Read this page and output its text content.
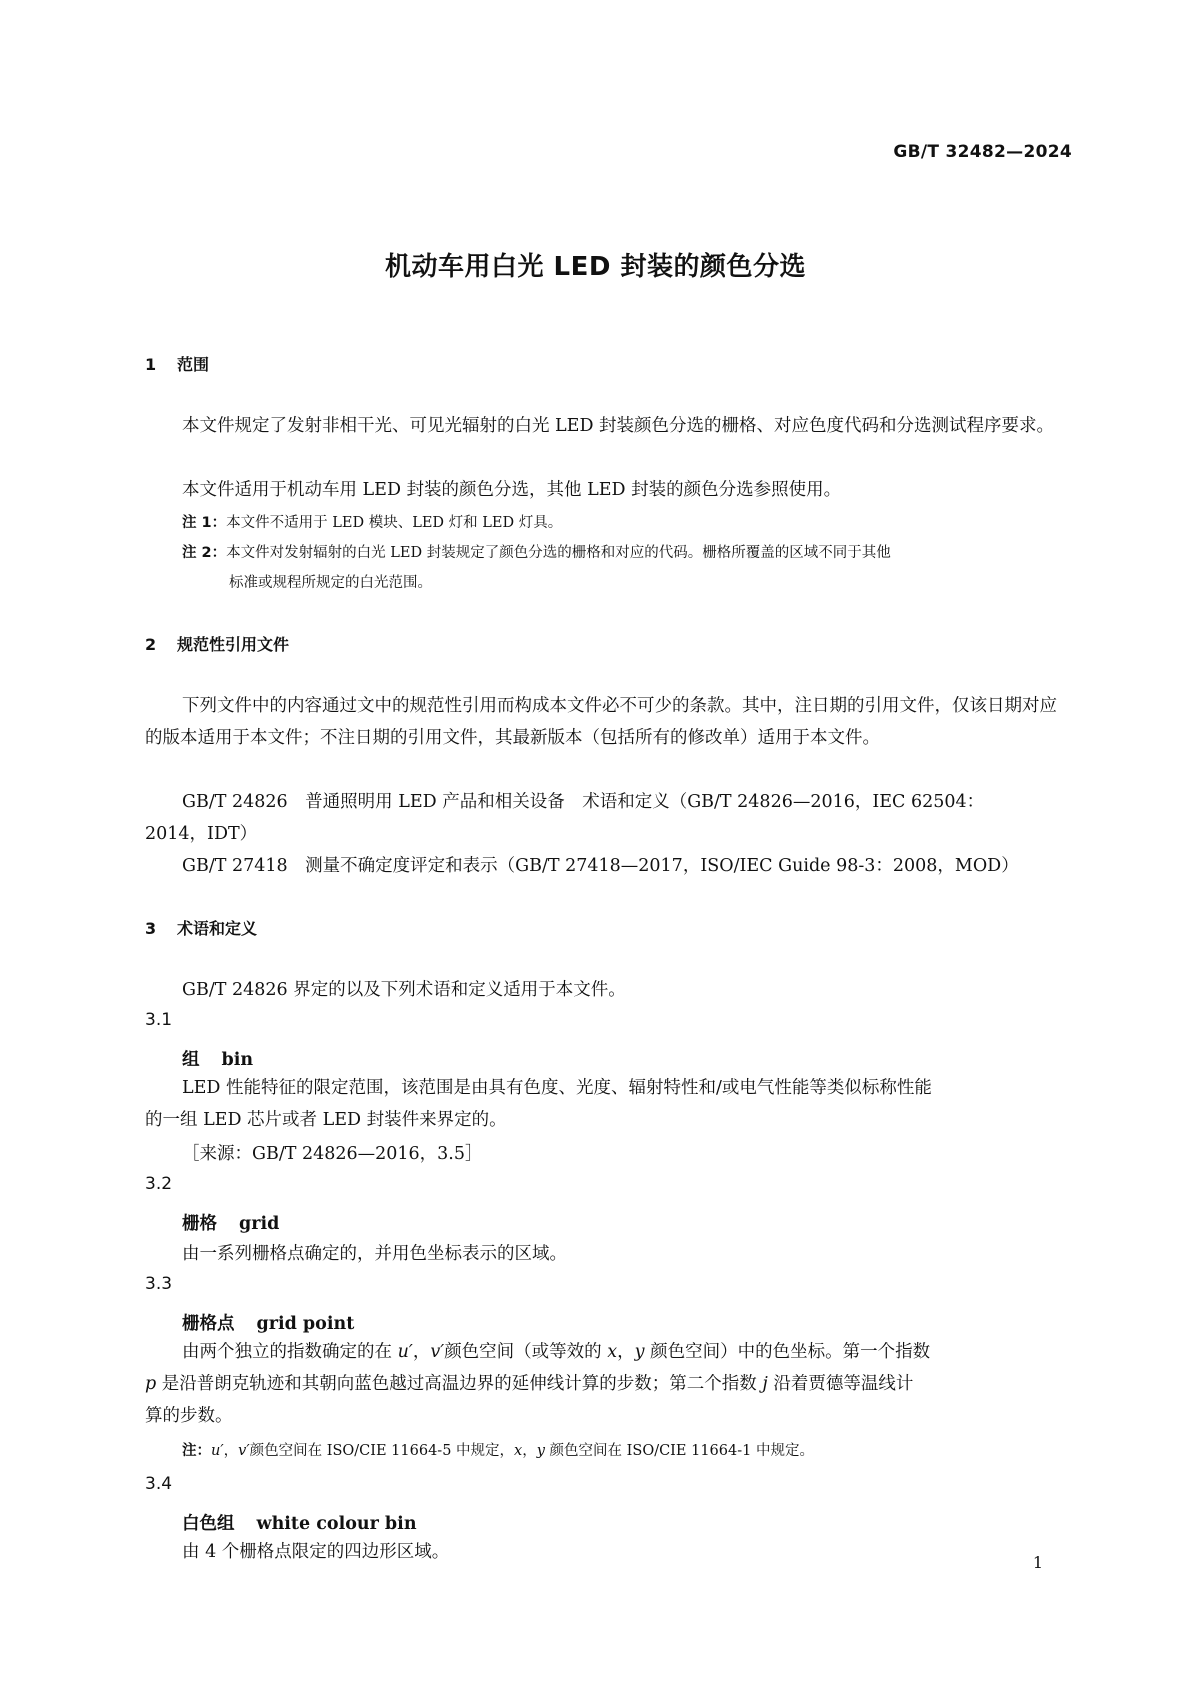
GB/T 32482—2024
机动车用白光 LED 封装的颜色分选
1 范围
本文件规定了发射非相干光、可见光辐射的白光 LED 封装颜色分选的栅格、对应色度代码和分选测试程序要求。
本文件适用于机动车用 LED 封装的颜色分选，其他 LED 封装的颜色分选参照使用。
注 1：本文件不适用于 LED 模块、LED 灯和 LED 灯具。
注 2：本文件对发射辐射的白光 LED 封装规定了颜色分选的栅格和对应的代码。栅格所覆盖的区域不同于其他
标准或规程所规定的白光范围。
2 规范性引用文件
下列文件中的内容通过文中的规范性引用而构成本文件必不可少的条款。其中，注日期的引用文件，仅该日期对应的版本适用于本文件；不注日期的引用文件，其最新版本（包括所有的修改单）适用于本文件。
GB/T 24826　普通照明用 LED 产品和相关设备　术语和定义（GB/T 24826—2016，IEC 62504：
2014，IDT）
GB/T 27418　测量不确定度评定和表示（GB/T 27418—2017，ISO/IEC Guide 98-3：2008，MOD）
3 术语和定义
GB/T 24826 界定的以及下列术语和定义适用于本文件。
3.1
组 bin
LED 性能特征的限定范围，该范围是由具有色度、光度、辐射特性和/或电气性能等类似标称性能
的一组 LED 芯片或者 LED 封装件来界定的。
［来源：GB/T 24826—2016，3.5］
3.2
栅格 grid
由一系列栅格点确定的，并用色坐标表示的区域。
3.3
栅格点 grid point
由两个独立的指数确定的在 u′，v′颜色空间（或等效的 x，y 颜色空间）中的色坐标。第一个指数
p 是沿普朗克轨迹和其朝向蓝色越过高温边界的延伸线计算的步数；第二个指数 j 沿着贾德等温线计
算的步数。
注：u′，v′颜色空间在 ISO/CIE 11664-5 中规定，x，y 颜色空间在 ISO/CIE 11664-1 中规定。
3.4
白色组 white colour bin
由 4 个栅格点限定的四边形区域。
1
